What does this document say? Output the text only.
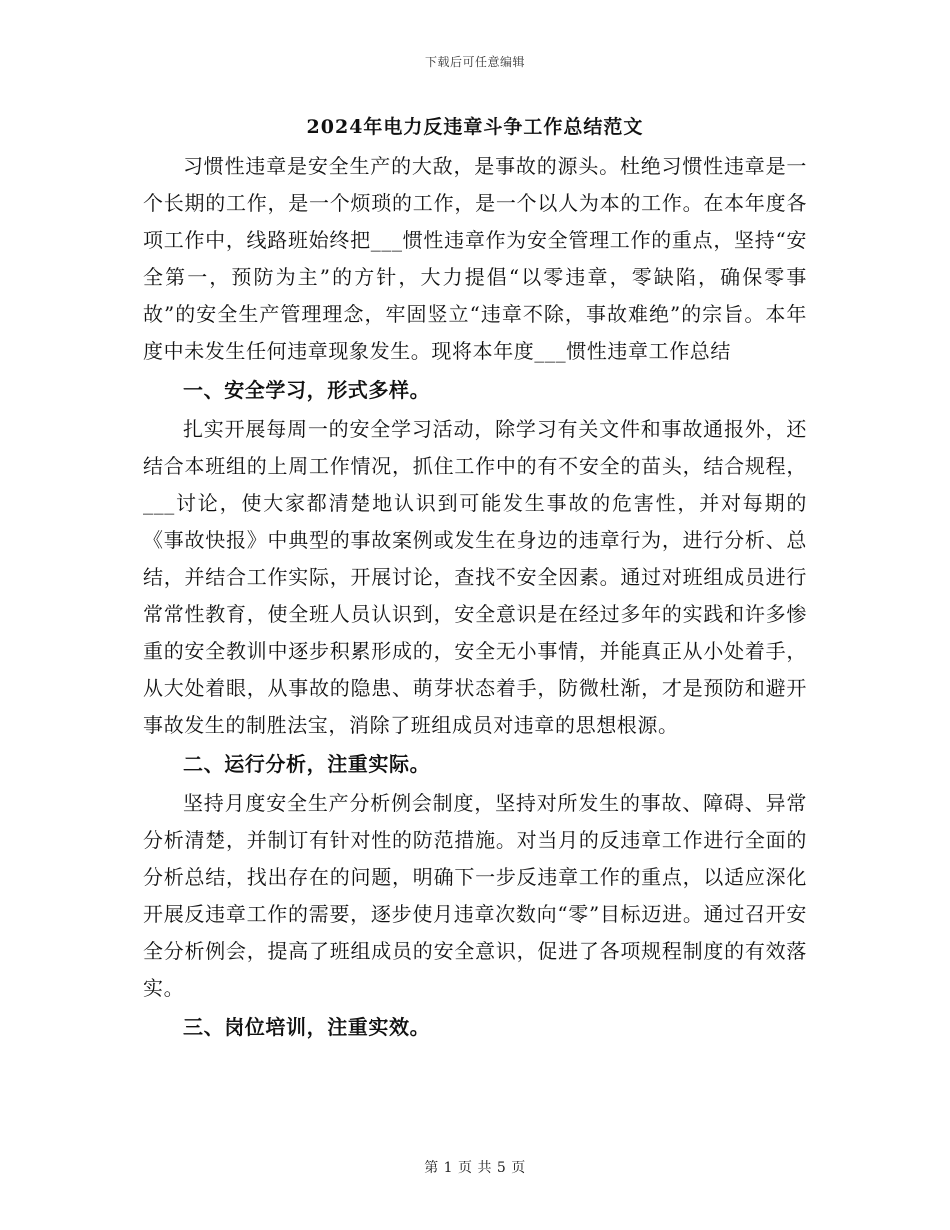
下载后可任意编辑
2024年电力反违章斗争工作总结范文

习惯性违章是安全生产的大敌，是事故的源头。杜绝习惯性违章是一个长期的工作，是一个烦琐的工作，是一个以人为本的工作。在本年度各项工作中，线路班始终把___惯性违章作为安全管理工作的重点，坚持“安全第一，预防为主”的方针，大力提倡“以零违章，零缺陷，确保零事故”的安全生产管理理念，牢固竖立“违章不除，事故难绝”的宗旨。本年度中未发生任何违章现象发生。现将本年度___惯性违章工作总结

一、安全学习，形式多样。

扎实开展每周一的安全学习活动，除学习有关文件和事故通报外，还结合本班组的上周工作情况，抓住工作中的有不安全的苗头，结合规程，___讨论，使大家都清楚地认识到可能发生事故的危害性，并对每期的《事故快报》中典型的事故案例或发生在身边的违章行为，进行分析、总结，并结合工作实际，开展讨论，查找不安全因素。通过对班组成员进行常常性教育，使全班人员认识到，安全意识是在经过多年的实践和许多惨重的安全教训中逐步积累形成的，安全无小事情，并能真正从小处着手，从大处着眼，从事故的隐患、萌芽状态着手，防微杜渐，才是预防和避开事故发生的制胜法宝，消除了班组成员对违章的思想根源。

二、运行分析，注重实际。

坚持月度安全生产分析例会制度，坚持对所发生的事故、障碍、异常分析清楚，并制订有针对性的防范措施。对当月的反违章工作进行全面的分析总结，找出存在的问题，明确下一步反违章工作的重点，以适应深化开展反违章工作的需要，逐步使月违章次数向“零”目标迈进。通过召开安全分析例会，提高了班组成员的安全意识，促进了各项规程制度的有效落实。

三、岗位培训，注重实效。

第 1 页 共 5 页
